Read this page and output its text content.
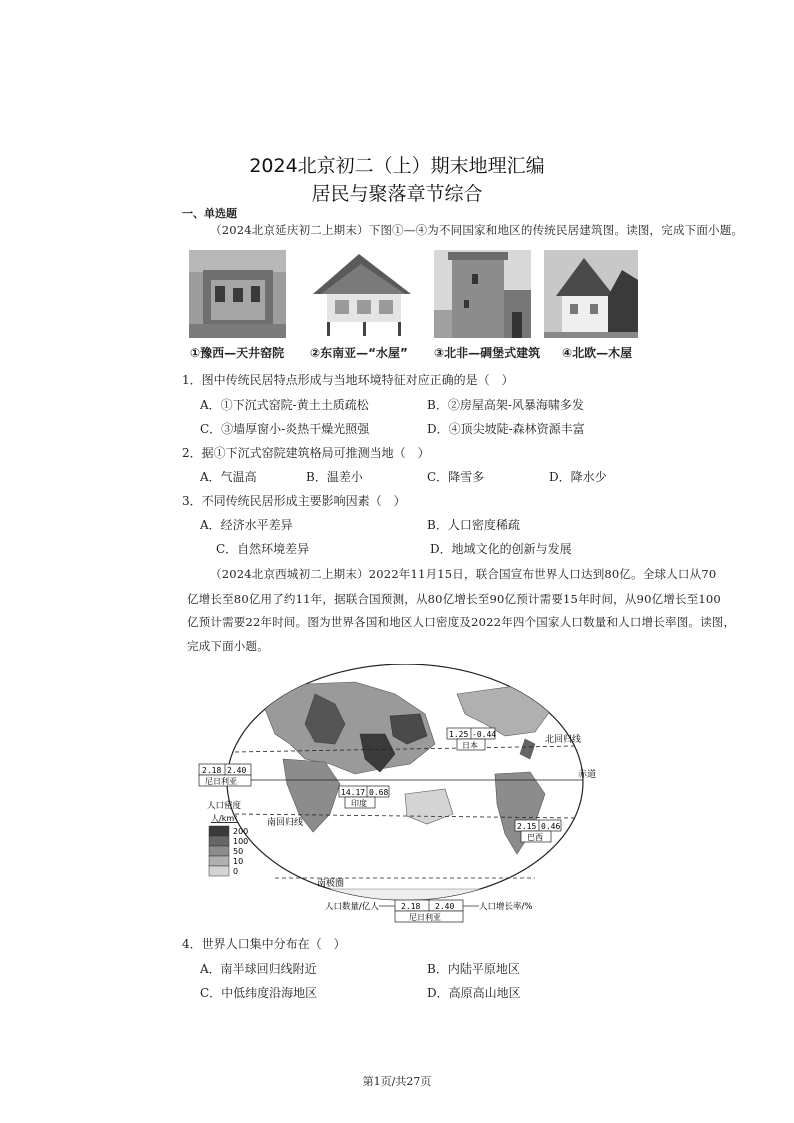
2024北京初二（上）期末地理汇编
居民与聚落章节综合
一、单选题
（2024北京延庆初二上期末）下图①—④为不同国家和地区的传统民居建筑图。读图，完成下面小题。
①豫西—天井窑院 ②东南亚—“水屋” ③北非—碉堡式建筑 ④北欧—木屋
1．图中传统民居特点形成与当地环境特征对应正确的是（　）
A．①下沉式窑院-黄土土质疏松	B．②房屋高架-风暴海啸多发
C．③墙厚窗小-炎热干燥光照强	D．④顶尖坡陡-森林资源丰富
2．据①下沉式窑院建筑格局可推测当地（　）
A．气温高	B．温差小	C．降雪多	D．降水少
3．不同传统民居形成主要影响因素（　）
A．经济水平差异	B．人口密度稀疏
C．自然环境差异	D．地域文化的创新与发展
（2024北京西城初二上期末）2022年11月15日，联合国宣布世界人口达到80亿。全球人口从70
亿增长至80亿用了约11年，据联合国预测，从80亿增长至90亿预计需要15年时间，从90亿增长至100
亿预计需要22年时间。图为世界各国和地区人口密度及2022年四个国家人口数量和人口增长率图。读图，
完成下面小题。
北回归线
赤道
南回归线
南极圈
1.25 -0.44
日本
2.18 2.40
尼日利亚
14.17 0.68
印度
2.15 0.46
巴西
人口密度
人/km²
200
100
50
10
0
人口数量/亿人	2.18 2.40
尼日利亚
人口增长率/%
4．世界人口集中分布在（　）
A．南半球回归线附近	B．内陆平原地区
C．中低纬度沿海地区	D．高原高山地区
第1页/共27页
